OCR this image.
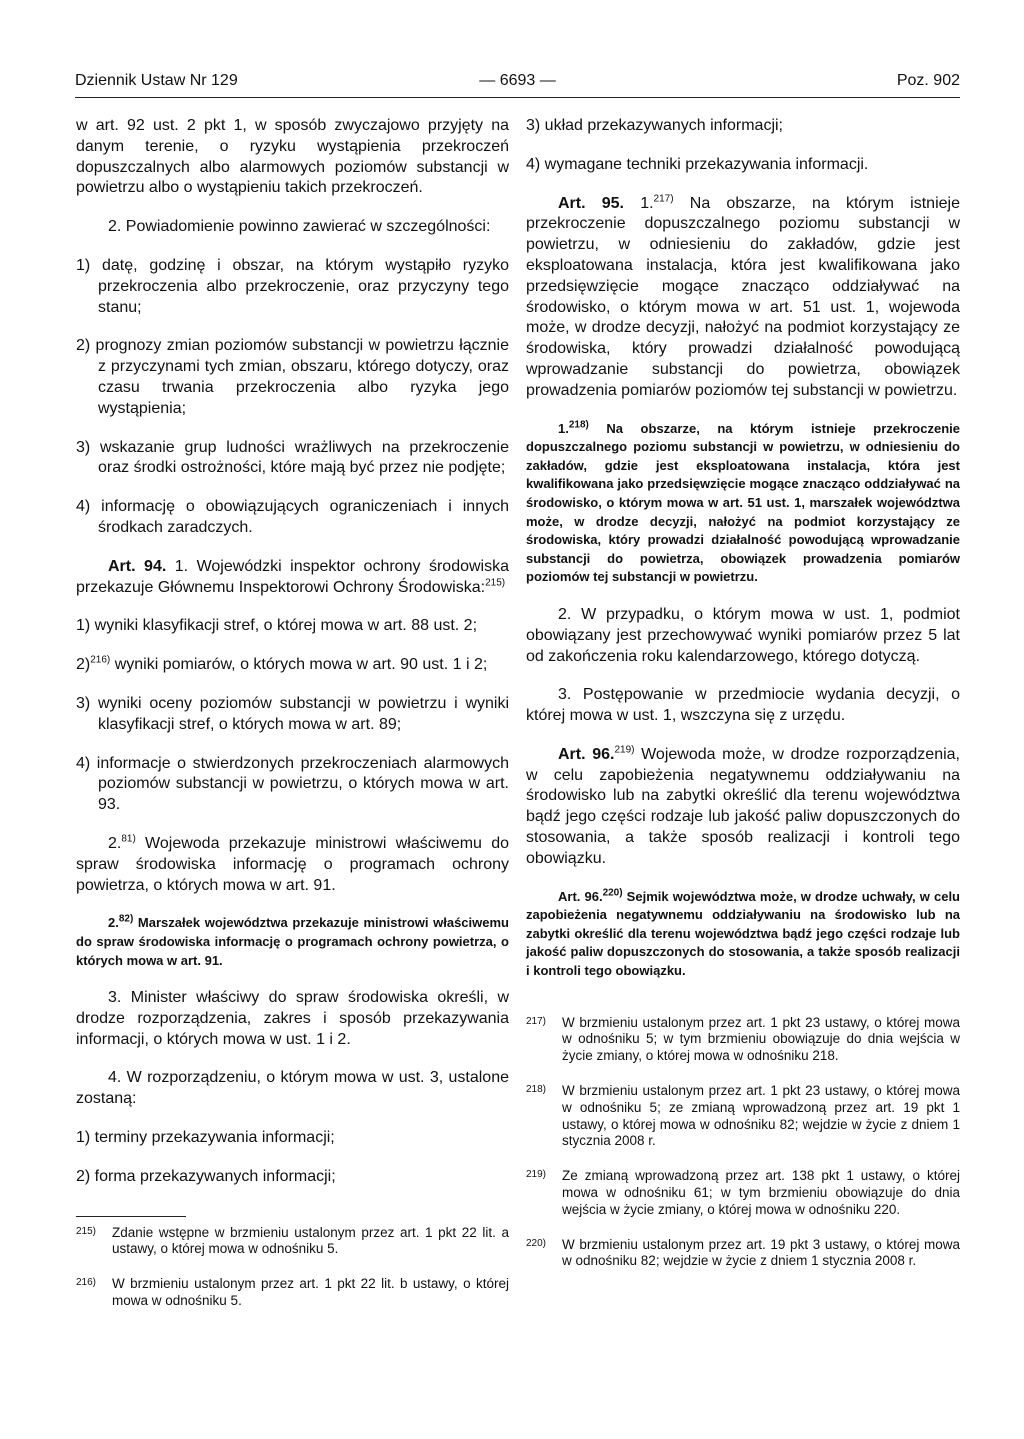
Dziennik Ustaw Nr 129	— 6693 —	Poz. 902

w art. 92 ust. 2 pkt 1, w sposób zwyczajowo przyjęty na danym terenie, o ryzyku wystąpienia przekroczeń dopuszczalnych albo alarmowych poziomów substancji w powietrzu albo o wystąpieniu takich przekroczeń.

2. Powiadomienie powinno zawierać w szczególności:

1) datę, godzinę i obszar, na którym wystąpiło ryzyko przekroczenia albo przekroczenie, oraz przyczyny tego stanu;

2) prognozy zmian poziomów substancji w powietrzu łącznie z przyczynami tych zmian, obszaru, którego dotyczy, oraz czasu trwania przekroczenia albo ryzyka jego wystąpienia;

3) wskazanie grup ludności wrażliwych na przekroczenie oraz środki ostrożności, które mają być przez nie podjęte;

4) informację o obowiązujących ograniczeniach i innych środkach zaradczych.

Art. 94. 1. Wojewódzki inspektor ochrony środowiska przekazuje Głównemu Inspektorowi Ochrony Środowiska:$^{215)}$

1) wyniki klasyfikacji stref, o której mowa w art. 88 ust. 2;

2)$^{216)}$ wyniki pomiarów, o których mowa w art. 90 ust. 1 i 2;

3) wyniki oceny poziomów substancji w powietrzu i wyniki klasyfikacji stref, o których mowa w art. 89;

4) informacje o stwierdzonych przekroczeniach alarmowych poziomów substancji w powietrzu, o których mowa w art. 93.

2.$^{81)}$ Wojewoda przekazuje ministrowi właściwemu do spraw środowiska informację o programach ochrony powietrza, o których mowa w art. 91.

2.$^{82)}$ Marszałek województwa przekazuje ministrowi właściwemu do spraw środowiska informację o programach ochrony powietrza, o których mowa w art. 91.

3. Minister właściwy do spraw środowiska określi, w drodze rozporządzenia, zakres i sposób przekazywania informacji, o których mowa w ust. 1 i 2.

4. W rozporządzeniu, o którym mowa w ust. 3, ustalone zostaną:

1) terminy przekazywania informacji;

2) forma przekazywanych informacji;

215) Zdanie wstępne w brzmieniu ustalonym przez art. 1 pkt 22 lit. a ustawy, o której mowa w odnośniku 5.

216) W brzmieniu ustalonym przez art. 1 pkt 22 lit. b ustawy, o której mowa w odnośniku 5.

3) układ przekazywanych informacji;

4) wymagane techniki przekazywania informacji.

Art. 95. 1.$^{217)}$ Na obszarze, na którym istnieje przekroczenie dopuszczalnego poziomu substancji w powietrzu, w odniesieniu do zakładów, gdzie jest eksploatowana instalacja, która jest kwalifikowana jako przedsięwzięcie mogące znacząco oddziaływać na środowisko, o którym mowa w art. 51 ust. 1, wojewoda może, w drodze decyzji, nałożyć na podmiot korzystający ze środowiska, który prowadzi działalność powodującą wprowadzanie substancji do powietrza, obowiązek prowadzenia pomiarów poziomów tej substancji w powietrzu.

1.$^{218)}$ Na obszarze, na którym istnieje przekroczenie dopuszczalnego poziomu substancji w powietrzu, w odniesieniu do zakładów, gdzie jest eksploatowana instalacja, która jest kwalifikowana jako przedsięwzięcie mogące znacząco oddziaływać na środowisko, o którym mowa w art. 51 ust. 1, marszałek województwa może, w drodze decyzji, nałożyć na podmiot korzystający ze środowiska, który prowadzi działalność powodującą wprowadzanie substancji do powietrza, obowiązek prowadzenia pomiarów poziomów tej substancji w powietrzu.

2. W przypadku, o którym mowa w ust. 1, podmiot obowiązany jest przechowywać wyniki pomiarów przez 5 lat od zakończenia roku kalendarzowego, którego dotyczą.

3. Postępowanie w przedmiocie wydania decyzji, o której mowa w ust. 1, wszczyna się z urzędu.

Art. 96.$^{219)}$ Wojewoda może, w drodze rozporządzenia, w celu zapobieżenia negatywnemu oddziaływaniu na środowisko lub na zabytki określić dla terenu województwa bądź jego części rodzaje lub jakość paliw dopuszczonych do stosowania, a także sposób realizacji i kontroli tego obowiązku.

Art. 96.$^{220)}$ Sejmik województwa może, w drodze uchwały, w celu zapobieżenia negatywnemu oddziaływaniu na środowisko lub na zabytki określić dla terenu województwa bądź jego części rodzaje lub jakość paliw dopuszczonych do stosowania, a także sposób realizacji i kontroli tego obowiązku.

217) W brzmieniu ustalonym przez art. 1 pkt 23 ustawy, o której mowa w odnośniku 5; w tym brzmieniu obowiązuje do dnia wejścia w życie zmiany, o której mowa w odnośniku 218.

218) W brzmieniu ustalonym przez art. 1 pkt 23 ustawy, o której mowa w odnośniku 5; ze zmianą wprowadzoną przez art. 19 pkt 1 ustawy, o której mowa w odnośniku 82; wejdzie w życie z dniem 1 stycznia 2008 r.

219) Ze zmianą wprowadzoną przez art. 138 pkt 1 ustawy, o której mowa w odnośniku 61; w tym brzmieniu obowiązuje do dnia wejścia w życie zmiany, o której mowa w odnośniku 220.

220) W brzmieniu ustalonym przez art. 19 pkt 3 ustawy, o której mowa w odnośniku 82; wejdzie w życie z dniem 1 stycznia 2008 r.
